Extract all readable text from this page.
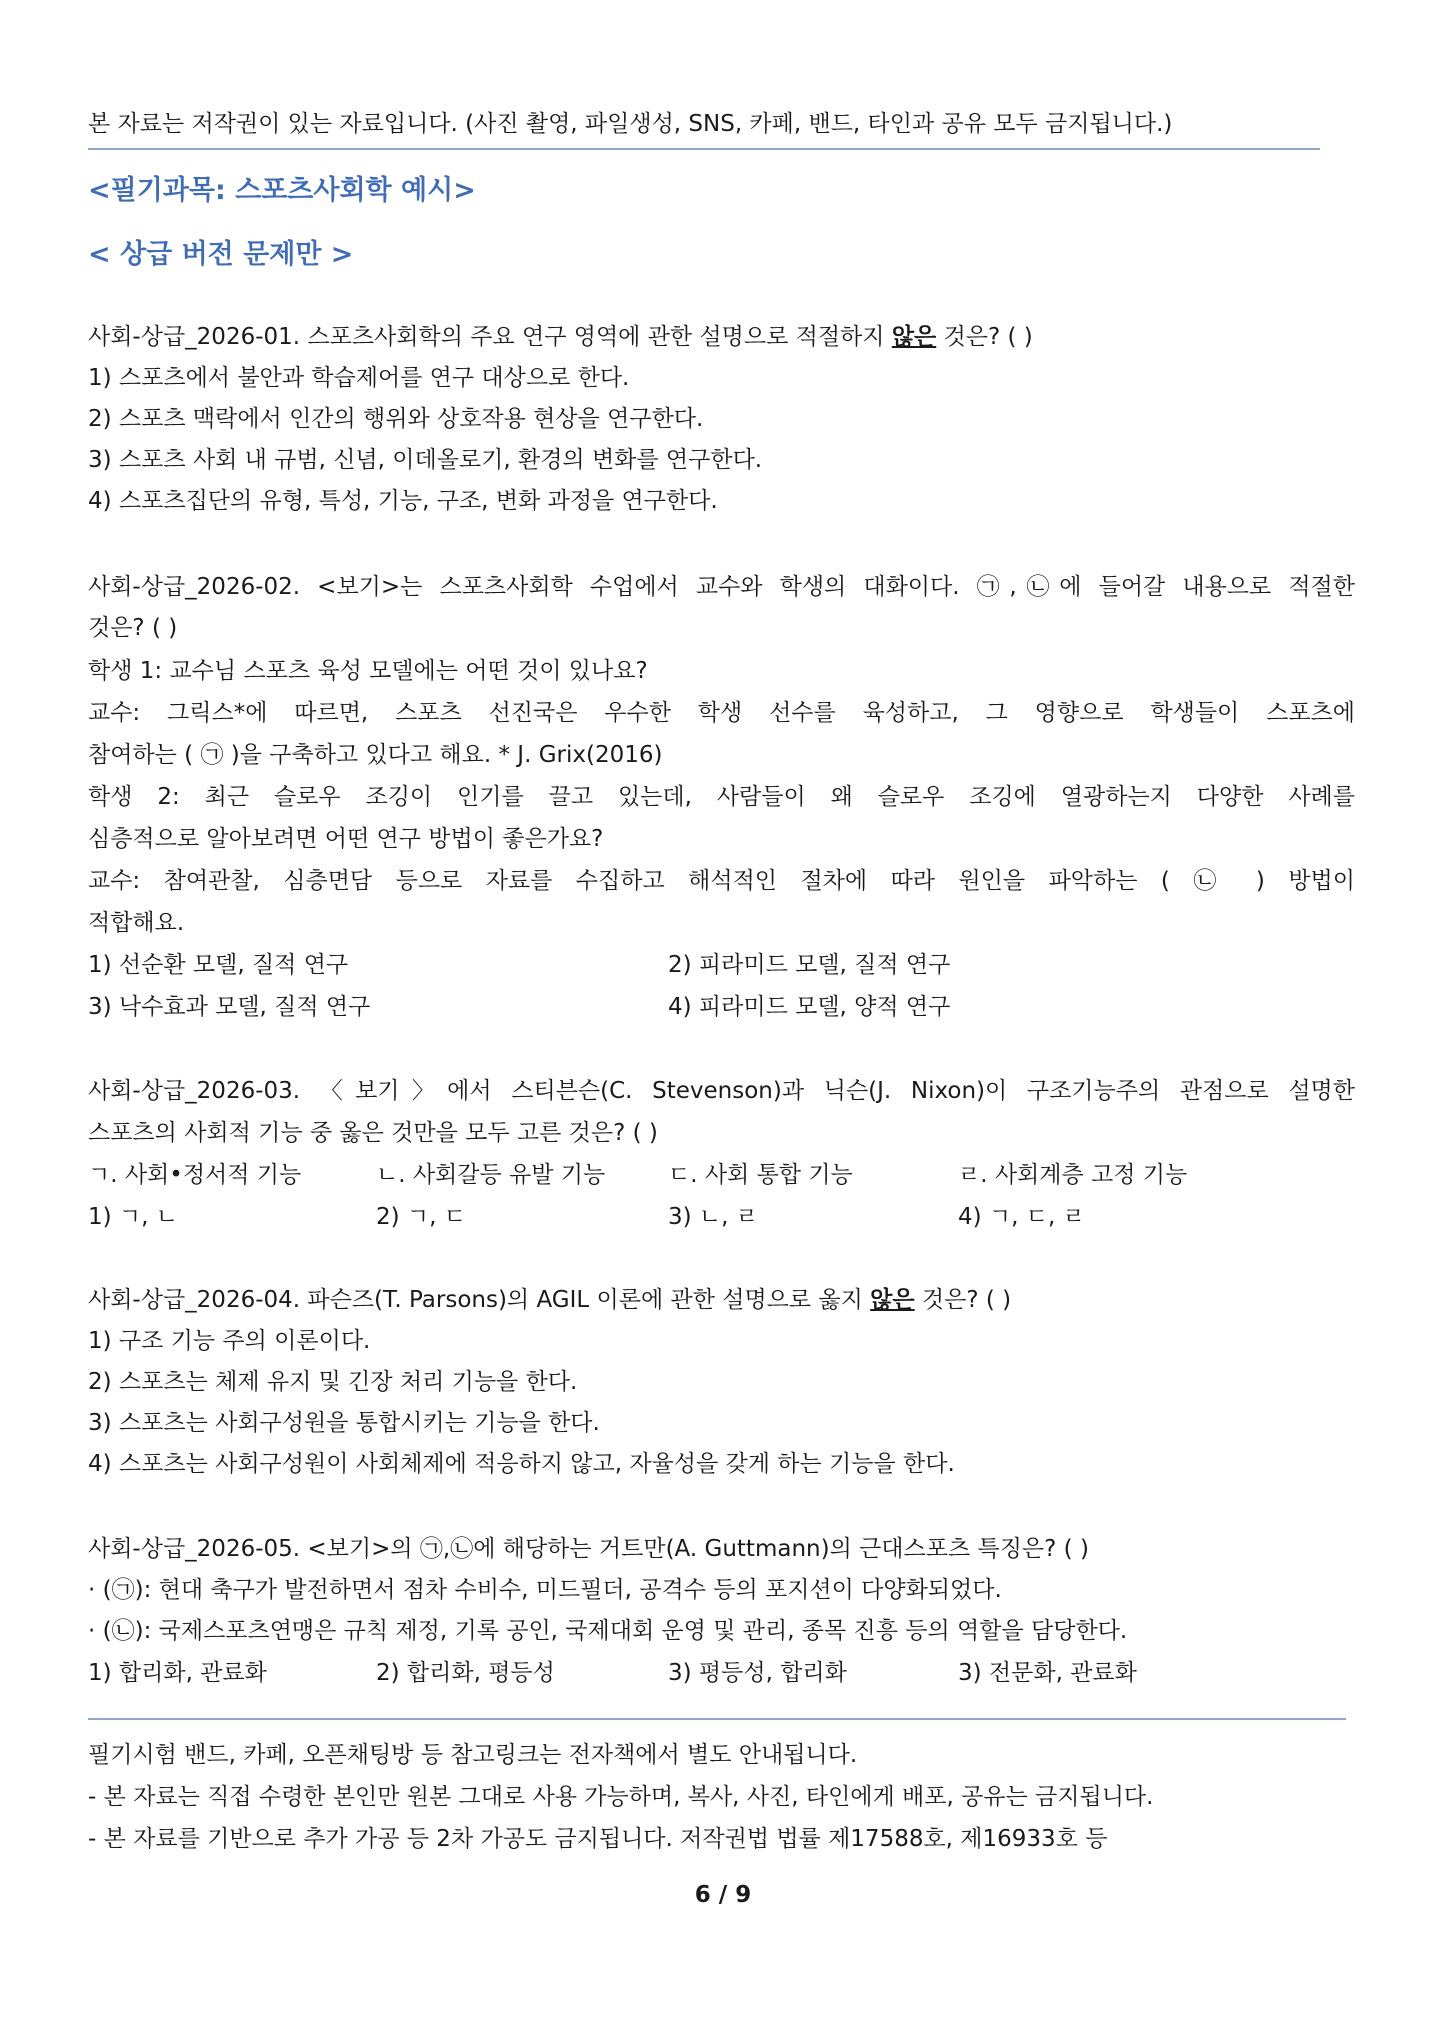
본 자료는 저작권이 있는 자료입니다. (사진 촬영, 파일생성, SNS, 카페, 밴드, 타인과 공유 모두 금지됩니다.)
<필기과목: 스포츠사회학 예시>
< 상급 버전 문제만 >
사회-상급_2026-01. 스포츠사회학의 주요 연구 영역에 관한 설명으로 적절하지 않은 것은? ( )
1) 스포츠에서 불안과 학습제어를 연구 대상으로 한다.
2) 스포츠 맥락에서 인간의 행위와 상호작용 현상을 연구한다.
3) 스포츠 사회 내 규범, 신념, 이데올로기, 환경의 변화를 연구한다.
4) 스포츠집단의 유형, 특성, 기능, 구조, 변화 과정을 연구한다.
사회-상급_2026-02. <보기>는 스포츠사회학 수업에서 교수와 학생의 대화이다. ㉠,㉡에 들어갈 내용으로 적절한
것은? ( )
학생 1: 교수님 스포츠 육성 모델에는 어떤 것이 있나요?
교수: 그릭스*에 따르면, 스포츠 선진국은 우수한 학생 선수를 육성하고, 그 영향으로 학생들이 스포츠에
참여하는 ( ㉠ )을 구축하고 있다고 해요. * J. Grix(2016)
학생 2: 최근 슬로우 조깅이 인기를 끌고 있는데, 사람들이 왜 슬로우 조깅에 열광하는지 다양한 사례를
심층적으로 알아보려면 어떤 연구 방법이 좋은가요?
교수: 참여관찰, 심층면담 등으로 자료를 수집하고 해석적인 절차에 따라 원인을 파악하는 ( ㉡ ) 방법이
적합해요.
1) 선순환 모델, 질적 연구	2) 피라미드 모델, 질적 연구
3) 낙수효과 모델, 질적 연구	4) 피라미드 모델, 양적 연구
사회-상급_2026-03. 〈보기〉에서 스티븐슨(C. Stevenson)과 닉슨(J. Nixon)이 구조기능주의 관점으로 설명한
스포츠의 사회적 기능 중 옳은 것만을 모두 고른 것은? ( )
ㄱ. 사회•정서적 기능	ㄴ. 사회갈등 유발 기능	ㄷ. 사회 통합 기능	ㄹ. 사회계층 고정 기능
1) ㄱ, ㄴ	2) ㄱ, ㄷ	3) ㄴ, ㄹ	4) ㄱ, ㄷ, ㄹ
사회-상급_2026-04. 파슨즈(T. Parsons)의 AGIL 이론에 관한 설명으로 옳지 않은 것은? ( )
1) 구조 기능 주의 이론이다.
2) 스포츠는 체제 유지 및 긴장 처리 기능을 한다.
3) 스포츠는 사회구성원을 통합시키는 기능을 한다.
4) 스포츠는 사회구성원이 사회체제에 적응하지 않고, 자율성을 갖게 하는 기능을 한다.
사회-상급_2026-05. <보기>의 ㉠,㉡에 해당하는 거트만(A. Guttmann)의 근대스포츠 특징은? ( )
· (㉠): 현대 축구가 발전하면서 점차 수비수, 미드필더, 공격수 등의 포지션이 다양화되었다.
· (㉡): 국제스포츠연맹은 규칙 제정, 기록 공인, 국제대회 운영 및 관리, 종목 진흥 등의 역할을 담당한다.
1) 합리화, 관료화	2) 합리화, 평등성	3) 평등성, 합리화	3) 전문화, 관료화
필기시험 밴드, 카페, 오픈채팅방 등 참고링크는 전자책에서 별도 안내됩니다.
- 본 자료는 직접 수령한 본인만 원본 그대로 사용 가능하며, 복사, 사진, 타인에게 배포, 공유는 금지됩니다.
- 본 자료를 기반으로 추가 가공 등 2차 가공도 금지됩니다. 저작권법 법률 제17588호, 제16933호 등
6 / 9
